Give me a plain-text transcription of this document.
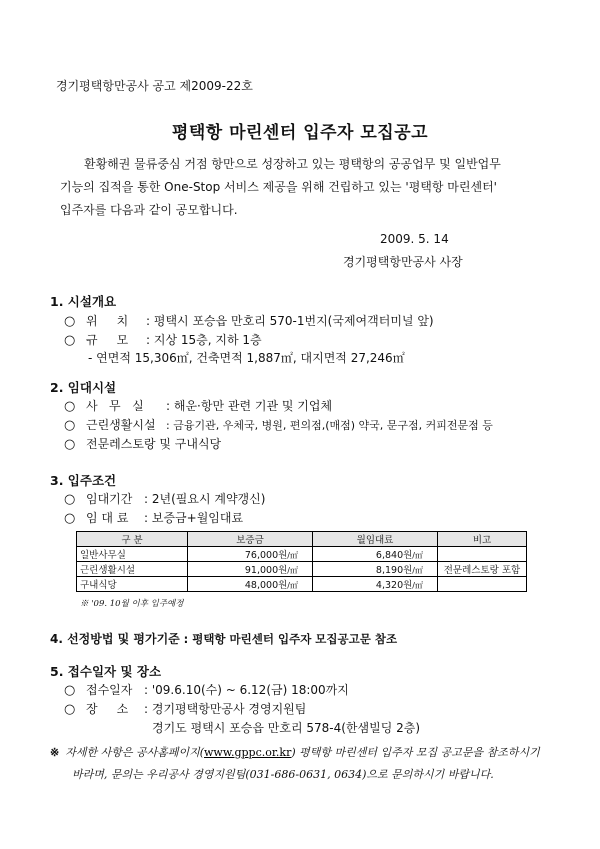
경기평택항만공사 공고 제2009-22호
평택항 마린센터 입주자 모집공고

환황해권 물류중심 거점 항만으로 성장하고 있는 평택항의 공공업무 및 일반업무

기능의 집적을 통한 One-Stop 서비스 제공을 위해 건립하고 있는 '평택항 마린센터'

입주자를 다음과 같이 공모합니다.

2009. 5. 14
경기평택항만공사 사장
1. 시설개요
○ 위     치 : 평택시 포승읍 만호리 570-1번지(국제여객터미널 앞)
○ 규     모 : 지상 15층, 지하 1층
- 연면적 15,306㎡, 건축면적 1,887㎡, 대지면적 27,246㎡
2. 임대시설
○ 사   무   실 : 해운·항만 관련 기관 및 기업체
○ 근린생활시설 : 금융기관, 우체국, 병원, 편의점,(매점) 약국, 문구점, 커피전문점 등
○ 전문레스토랑 및 구내식당
3. 입주조건
○ 임대기간 : 2년(필요시 계약갱신)
○ 임 대 료 : 보증금+월임대료
구 분	보증금	월임대료	비고
일반사무실	76,000원/㎡	6,840원/㎡	
근린생활시설	91,000원/㎡	8,190원/㎡	전문레스토랑 포함
구내식당	48,000원/㎡	4,320원/㎡	
※ '09. 10월 이후 입주예정
4. 선정방법 및 평가기준 : 평택항 마린센터 입주자 모집공고문 참조
5. 접수일자 및 장소
○ 접수일자 : '09.6.10(수) ~ 6.12(금) 18:00까지
○ 장     소 : 경기평택항만공사 경영지원팀
경기도 평택시 포승읍 만호리 578-4(한샘빌딩 2층)
※ 자세한 사항은 공사홈페이지(www.gppc.or.kr) 평택항 마린센터 입주자 모집 공고문을 참조하시기
바라며, 문의는 우리공사 경영지원팀(031-686-0631, 0634)으로 문의하시기 바랍니다.
